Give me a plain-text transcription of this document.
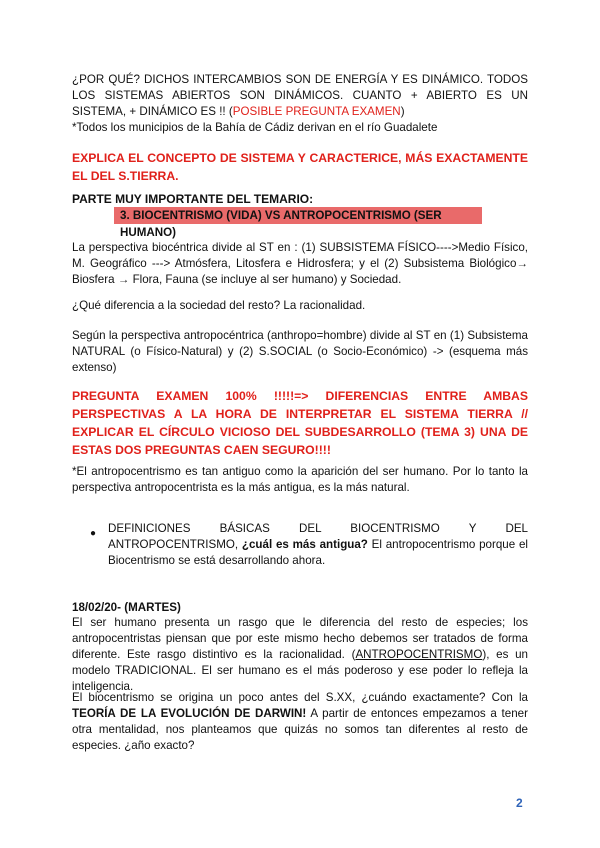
¿POR QUÉ? DICHOS INTERCAMBIOS SON DE ENERGÍA Y ES DINÁMICO. TODOS LOS SISTEMAS ABIERTOS SON DINÁMICOS. CUANTO + ABIERTO ES UN SISTEMA, + DINÁMICO ES !! (POSIBLE PREGUNTA EXAMEN)
*Todos los municipios de la Bahía de Cádiz derivan en el río Guadalete
EXPLICA EL CONCEPTO DE SISTEMA Y CARACTERICE, MÁS EXACTAMENTE EL DEL S.TIERRA.
PARTE MUY IMPORTANTE DEL TEMARIO:
3. BIOCENTRISMO (VIDA) VS ANTROPOCENTRISMO (SER HUMANO)
La perspectiva biocéntrica divide al ST en : (1) SUBSISTEMA FÍSICO---->Medio Físico, M. Geográfico ---> Atmósfera, Litosfera e Hidrosfera; y el (2) Subsistema Biológico→ Biosfera → Flora, Fauna (se incluye al ser humano) y Sociedad.
¿Qué diferencia a la sociedad del resto? La racionalidad.
Según la perspectiva antropocéntrica (anthropo=hombre) divide al ST en (1) Subsistema NATURAL (o Físico-Natural) y (2) S.SOCIAL (o Socio-Económico) -> (esquema más extenso)
PREGUNTA EXAMEN 100% !!!!!=> DIFERENCIAS ENTRE AMBAS PERSPECTIVAS A LA HORA DE INTERPRETAR EL SISTEMA TIERRA // EXPLICAR EL CÍRCULO VICIOSO DEL SUBDESARROLLO (TEMA 3) UNA DE ESTAS DOS PREGUNTAS CAEN SEGURO!!!!
*El antropocentrismo es tan antiguo como la aparición del ser humano. Por lo tanto la perspectiva antropocentrista es la más antigua, es la más natural.
● DEFINICIONES BÁSICAS DEL BIOCENTRISMO Y DEL ANTROPOCENTRISMO, ¿cuál es más antigua? El antropocentrismo porque el Biocentrismo se está desarrollando ahora.
18/02/20- (MARTES)
El ser humano presenta un rasgo que le diferencia del resto de especies; los antropocentristas piensan que por este mismo hecho debemos ser tratados de forma diferente. Este rasgo distintivo es la racionalidad. (ANTROPOCENTRISMO), es un modelo TRADICIONAL. El ser humano es el más poderoso y ese poder lo refleja la inteligencia.
El biocentrismo se origina un poco antes del S.XX, ¿cuándo exactamente? Con la TEORÍA DE LA EVOLUCIÓN DE DARWIN! A partir de entonces empezamos a tener otra mentalidad, nos planteamos que quizás no somos tan diferentes al resto de especies. ¿año exacto?
2
